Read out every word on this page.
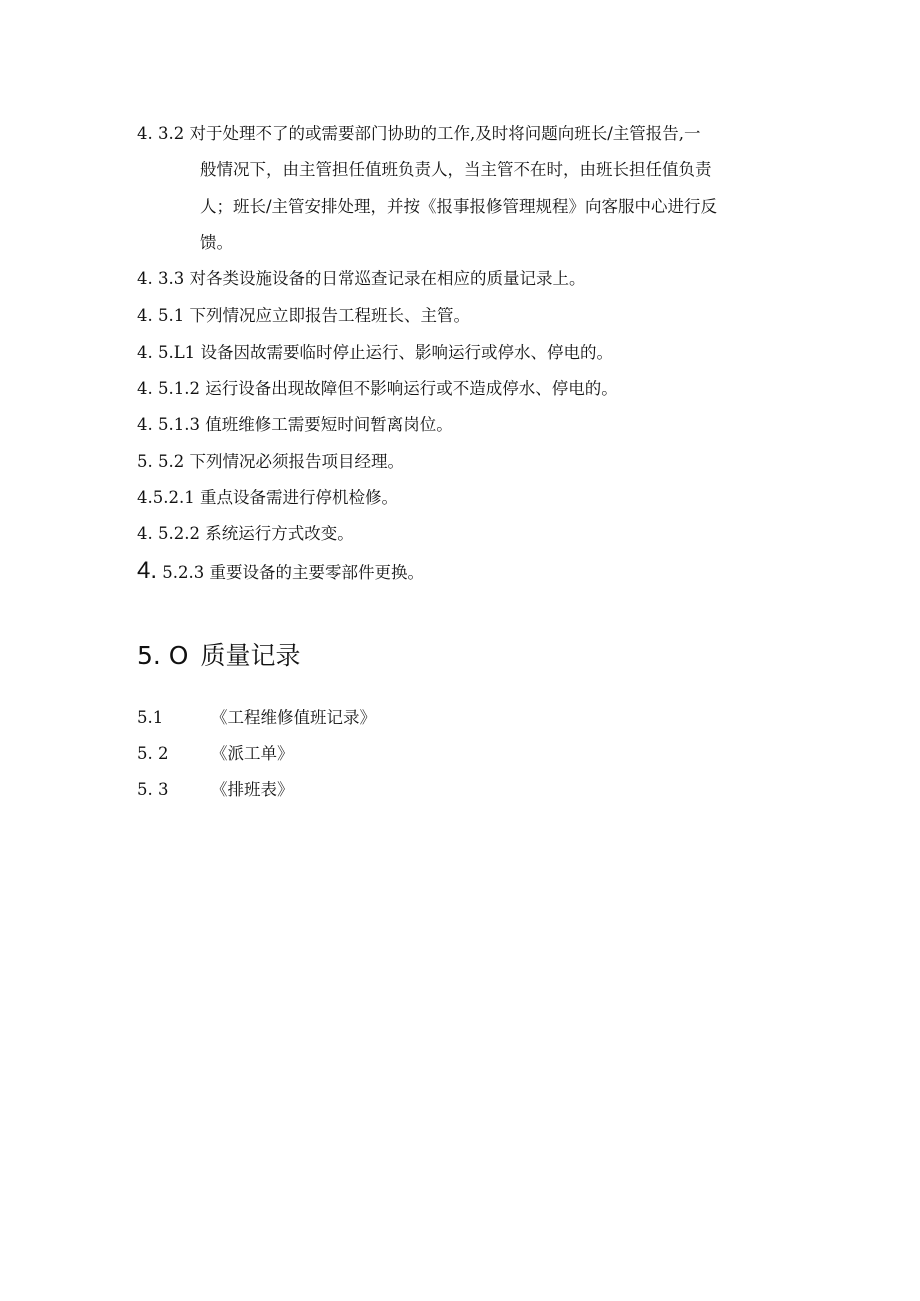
4. 3.2 对于处理不了的或需要部门协助的工作,及时将问题向班长/主管报告,一
般情况下，由主管担任值班负责人，当主管不在时，由班长担任值负责
人；班长/主管安排处理，并按《报事报修管理规程》向客服中心进行反
馈。
4. 3.3 对各类设施设备的日常巡查记录在相应的质量记录上。
4. 5.1 下列情况应立即报告工程班长、主管。
4. 5.L1 设备因故需要临时停止运行、影响运行或停水、停电的。
4. 5.1.2 运行设备出现故障但不影响运行或不造成停水、停电的。
4. 5.1.3 值班维修工需要短时间暂离岗位。
5. 5.2 下列情况必须报告项目经理。
4.5.2.1 重点设备需进行停机检修。
4. 5.2.2 系统运行方式改变。
4. 5.2.3 重要设备的主要零部件更换。
5. O 质量记录
5.1	《工程维修值班记录》
5. 2	《派工单》
5. 3	《排班表》
